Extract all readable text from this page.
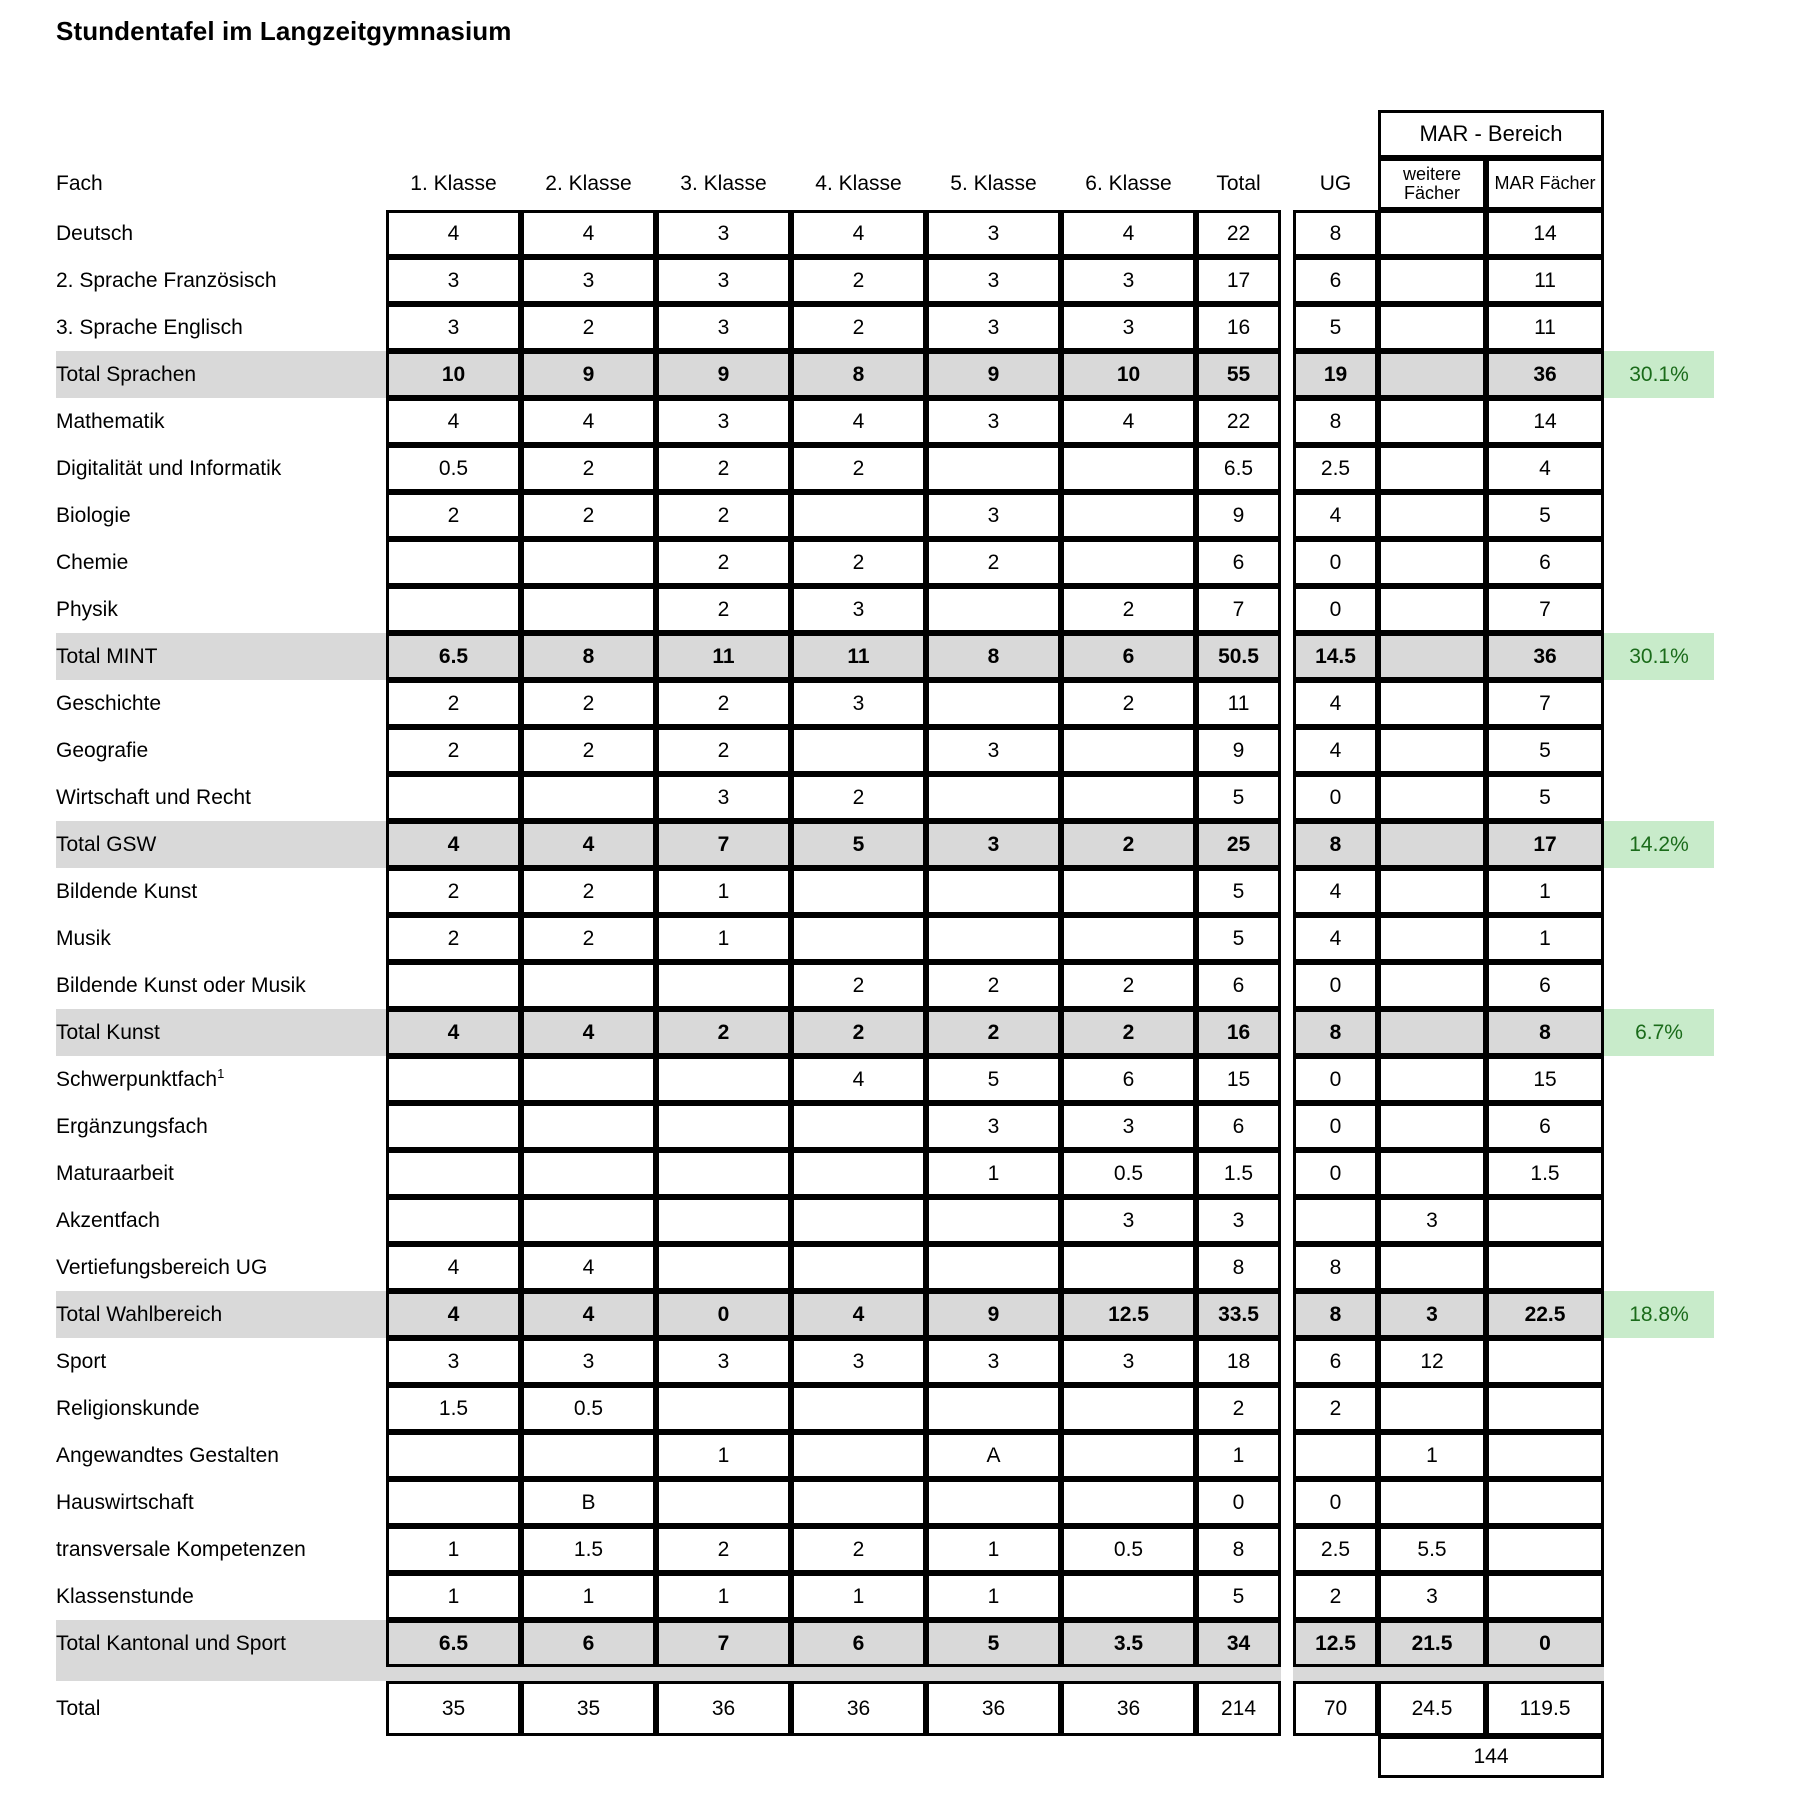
Stundentafel im Langzeitgymnasium
										MAR - Bereich		
Fach	1. Klasse	2. Klasse	3. Klasse	4. Klasse	5. Klasse	6. Klasse	Total		UG	weitere
Fächer	MAR Fächer	
Deutsch	4	4	3	4	3	4	22		8		14	
2. Sprache Französisch	3	3	3	2	3	3	17		6		11	
3. Sprache Englisch	3	2	3	2	3	3	16		5		11	
Total Sprachen	10	9	9	8	9	10	55		19		36	30.1%
Mathematik	4	4	3	4	3	4	22		8		14	
Digitalität und Informatik	0.5	2	2	2			6.5		2.5		4	
Biologie	2	2	2		3		9		4		5	
Chemie			2	2	2		6		0		6	
Physik			2	3		2	7		0		7	
Total MINT	6.5	8	11	11	8	6	50.5		14.5		36	30.1%
Geschichte	2	2	2	3		2	11		4		7	
Geografie	2	2	2		3		9		4		5	
Wirtschaft und Recht			3	2			5		0		5	
Total GSW	4	4	7	5	3	2	25		8		17	14.2%
Bildende Kunst	2	2	1				5		4		1	
Musik	2	2	1				5		4		1	
Bildende Kunst oder Musik				2	2	2	6		0		6	
Total Kunst	4	4	2	2	2	2	16		8		8	6.7%
Schwerpunktfach$^1$				4	5	6	15		0		15	
Ergänzungsfach					3	3	6		0		6	
Maturaarbeit					1	0.5	1.5		0		1.5	
Akzentfach						3	3			3		
Vertiefungsbereich UG	4	4					8		8			
Total Wahlbereich	4	4	0	4	9	12.5	33.5		8	3	22.5	18.8%
Sport	3	3	3	3	3	3	18		6	12		
Religionskunde	1.5	0.5					2		2			
Angewandtes Gestalten			1		A		1			1		
Hauswirtschaft		B					0		0			
transversale Kompetenzen	1	1.5	2	2	1	0.5	8		2.5	5.5		
Klassenstunde	1	1	1	1	1		5		2	3		
Total Kantonal und Sport	6.5	6	7	6	5	3.5	34		12.5	21.5	0	

Total	35	35	36	36	36	36	214		70	24.5	119.5	
										144		
